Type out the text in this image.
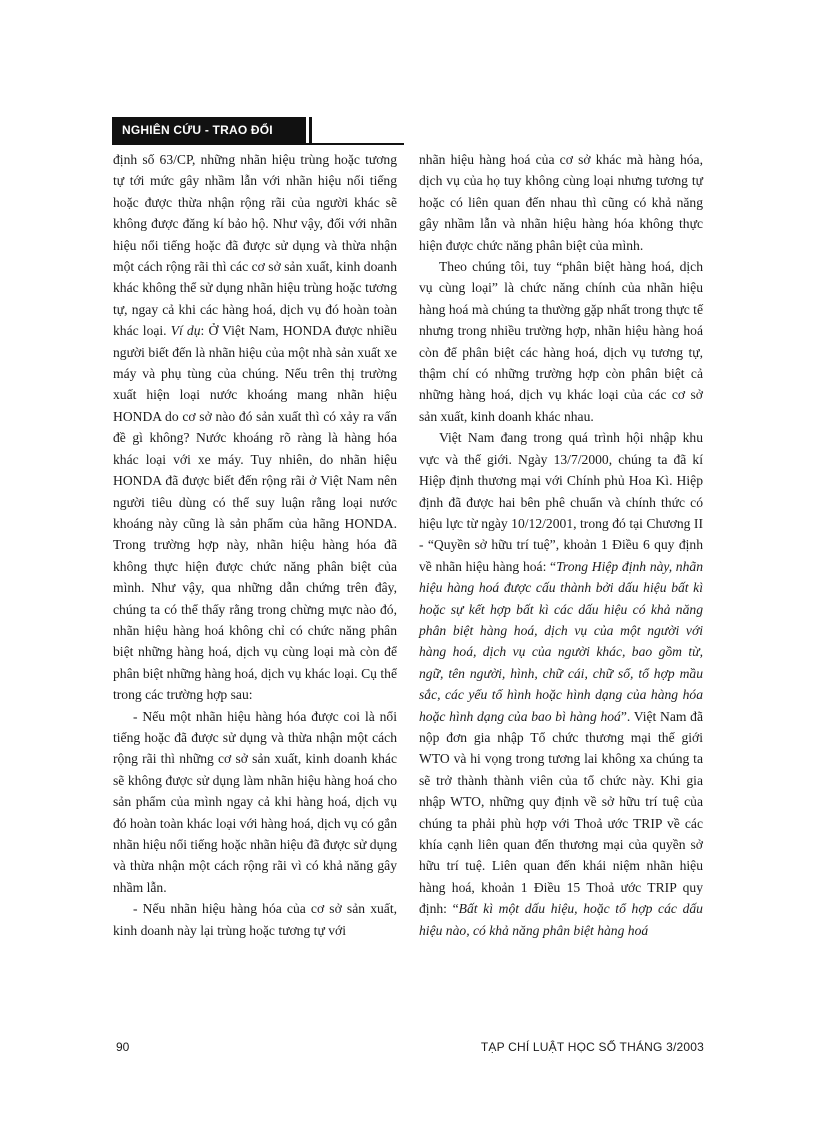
NGHIÊN CỨU - TRAO ĐỔI

định số 63/CP, những nhãn hiệu trùng hoặc tương tự tới mức gây nhầm lẫn với nhãn hiệu nổi tiếng hoặc được thừa nhận rộng rãi của người khác sẽ không được đăng kí bảo hộ. Như vậy, đối với nhãn hiệu nổi tiếng hoặc đã được sử dụng và thừa nhận một cách rộng rãi thì các cơ sở sản xuất, kinh doanh khác không thể sử dụng nhãn hiệu trùng hoặc tương tự, ngay cả khi các hàng hoá, dịch vụ đó hoàn toàn khác loại. Ví dụ: Ở Việt Nam, HONDA được nhiều người biết đến là nhãn hiệu của một nhà sản xuất xe máy và phụ tùng của chúng. Nếu trên thị trường xuất hiện loại nước khoáng mang nhãn hiệu HONDA do cơ sở nào đó sản xuất thì có xảy ra vấn đề gì không? Nước khoáng rõ ràng là hàng hóa khác loại với xe máy. Tuy nhiên, do nhãn hiệu HONDA đã được biết đến rộng rãi ở Việt Nam nên người tiêu dùng có thể suy luận rằng loại nước khoáng này cũng là sản phẩm của hãng HONDA. Trong trường hợp này, nhãn hiệu hàng hóa đã không thực hiện được chức năng phân biệt của mình. Như vậy, qua những dẫn chứng trên đây, chúng ta có thể thấy rằng trong chừng mực nào đó, nhãn hiệu hàng hoá không chỉ có chức năng phân biệt những hàng hoá, dịch vụ cùng loại mà còn để phân biệt những hàng hoá, dịch vụ khác loại. Cụ thể trong các trường hợp sau:

- Nếu một nhãn hiệu hàng hóa được coi là nổi tiếng hoặc đã được sử dụng và thừa nhận một cách rộng rãi thì những cơ sở sản xuất, kinh doanh khác sẽ không được sử dụng làm nhãn hiệu hàng hoá cho sản phẩm của mình ngay cả khi hàng hoá, dịch vụ đó hoàn toàn khác loại với hàng hoá, dịch vụ có gắn nhãn hiệu nổi tiếng hoặc nhãn hiệu đã được sử dụng và thừa nhận một cách rộng rãi vì có khả năng gây nhầm lẫn.

- Nếu nhãn hiệu hàng hóa của cơ sở sản xuất, kinh doanh này lại trùng hoặc tương tự với

nhãn hiệu hàng hoá của cơ sở khác mà hàng hóa, dịch vụ của họ tuy không cùng loại nhưng tương tự hoặc có liên quan đến nhau thì cũng có khả năng gây nhầm lẫn và nhãn hiệu hàng hóa không thực hiện được chức năng phân biệt của mình.

Theo chúng tôi, tuy “phân biệt hàng hoá, dịch vụ cùng loại” là chức năng chính của nhãn hiệu hàng hoá mà chúng ta thường gặp nhất trong thực tế nhưng trong nhiều trường hợp, nhãn hiệu hàng hoá còn để phân biệt các hàng hoá, dịch vụ tương tự, thậm chí có những trường hợp còn phân biệt cả những hàng hoá, dịch vụ khác loại của các cơ sở sản xuất, kinh doanh khác nhau.

Việt Nam đang trong quá trình hội nhập khu vực và thế giới. Ngày 13/7/2000, chúng ta đã kí Hiệp định thương mại với Chính phủ Hoa Kì. Hiệp định đã được hai bên phê chuẩn và chính thức có hiệu lực từ ngày 10/12/2001, trong đó tại Chương II - “Quyền sở hữu trí tuệ”, khoản 1 Điều 6 quy định về nhãn hiệu hàng hoá: “Trong Hiệp định này, nhãn hiệu hàng hoá được cấu thành bởi dấu hiệu bất kì hoặc sự kết hợp bất kì các dấu hiệu có khả năng phân biệt hàng hoá, dịch vụ của một người với hàng hoá, dịch vụ của người khác, bao gồm từ, ngữ, tên người, hình, chữ cái, chữ số, tổ hợp mầu sắc, các yếu tố hình hoặc hình dạng của hàng hóa hoặc hình dạng của bao bì hàng hoá”. Việt Nam đã nộp đơn gia nhập Tổ chức thương mại thế giới WTO và hi vọng trong tương lai không xa chúng ta sẽ trở thành thành viên của tổ chức này. Khi gia nhập WTO, những quy định về sở hữu trí tuệ của chúng ta phải phù hợp với Thoả ước TRIP về các khía cạnh liên quan đến thương mại của quyền sở hữu trí tuệ. Liên quan đến khái niệm nhãn hiệu hàng hoá, khoản 1 Điều 15 Thoả ước TRIP quy định: “Bất kì một dấu hiệu, hoặc tổ hợp các dấu hiệu nào, có khả năng phân biệt hàng hoá

90	TẠP CHÍ LUẬT HỌC SỐ THÁNG 3/2003
